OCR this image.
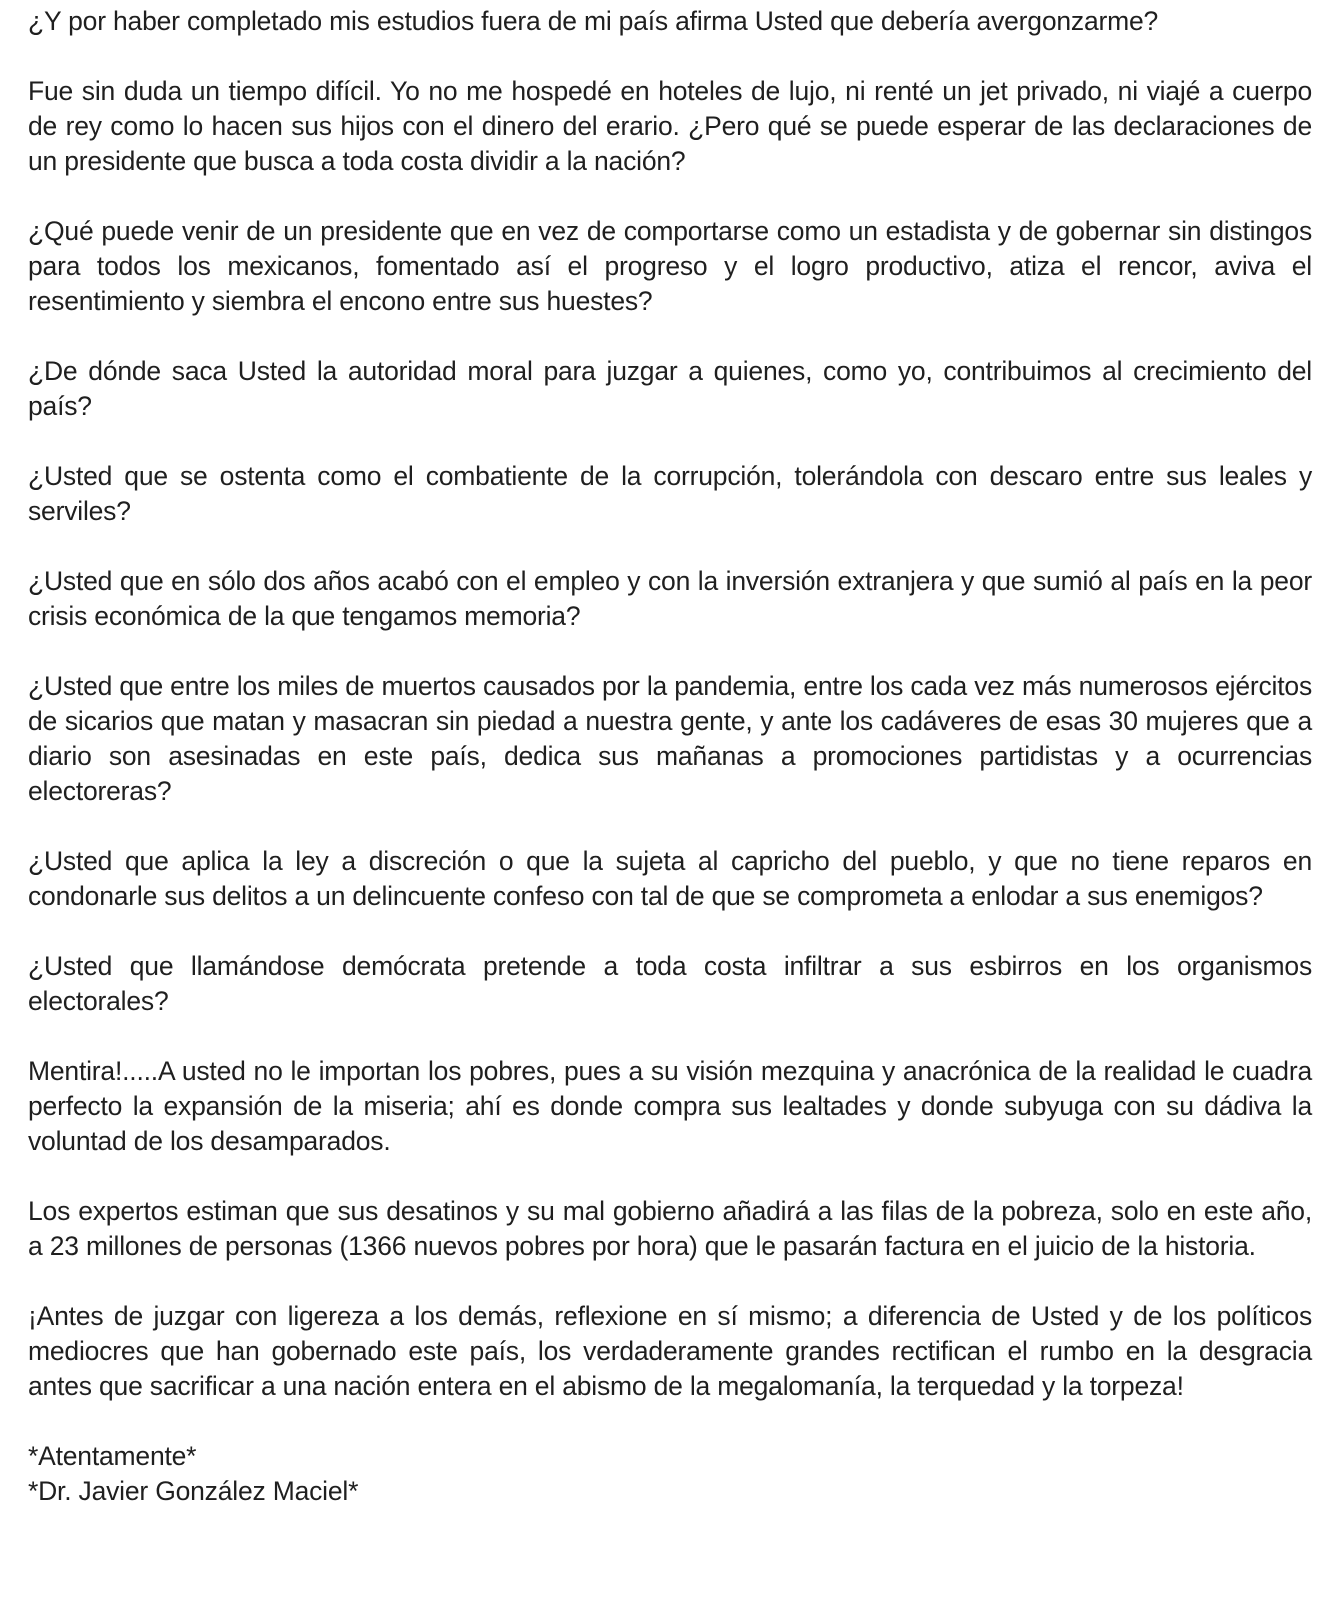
¿Y por haber completado mis estudios fuera de mi país afirma Usted que debería avergonzarme?

Fue sin duda un tiempo difícil. Yo no me hospedé en hoteles de lujo, ni renté un jet privado, ni viajé a cuerpo de rey como lo hacen sus hijos con el dinero del erario. ¿Pero qué se puede esperar de las declaraciones de un presidente que busca a toda costa dividir a la nación?

¿Qué puede venir de un presidente que en vez de comportarse como un estadista y de gobernar sin distingos para todos los mexicanos, fomentado así el progreso y el logro productivo, atiza el rencor, aviva el resentimiento y siembra el encono entre sus huestes?

¿De dónde saca Usted la autoridad moral para juzgar a quienes, como yo, contribuimos al crecimiento del país?

¿Usted que se ostenta como el combatiente de la corrupción, tolerándola con descaro entre sus leales y serviles?

¿Usted que en sólo dos años acabó con el empleo y con la inversión extranjera y que sumió al país en la peor crisis económica de la que tengamos memoria?

¿Usted que entre los miles de muertos causados por la pandemia, entre los cada vez más numerosos ejércitos de sicarios que matan y masacran sin piedad a nuestra gente, y ante los cadáveres de esas 30 mujeres que a diario son asesinadas en este país, dedica sus mañanas a promociones partidistas y a ocurrencias electoreras?

¿Usted que aplica la ley a discreción o que la sujeta al capricho del pueblo, y que no tiene reparos en condonarle sus delitos a un delincuente confeso con tal de que se comprometa a enlodar a sus enemigos?

¿Usted que llamándose demócrata pretende a toda costa infiltrar a sus esbirros en los organismos electorales?

Mentira!.....A usted no le importan los pobres, pues a su visión mezquina y anacrónica de la realidad le cuadra perfecto la expansión de la miseria; ahí es donde compra sus lealtades y donde subyuga con su dádiva la voluntad de los desamparados.

Los expertos estiman que sus desatinos y su mal gobierno añadirá a las filas de la pobreza, solo en este año, a 23 millones de personas (1366 nuevos pobres por hora) que le pasarán factura en el juicio de la historia.

¡Antes de juzgar con ligereza a los demás, reflexione en sí mismo; a diferencia de Usted y de los políticos mediocres que han gobernado este país, los verdaderamente grandes rectifican el rumbo en la desgracia antes que sacrificar a una nación entera en el abismo de la megalomanía, la terquedad y la torpeza!

*Atentamente*

*Dr. Javier González Maciel*
